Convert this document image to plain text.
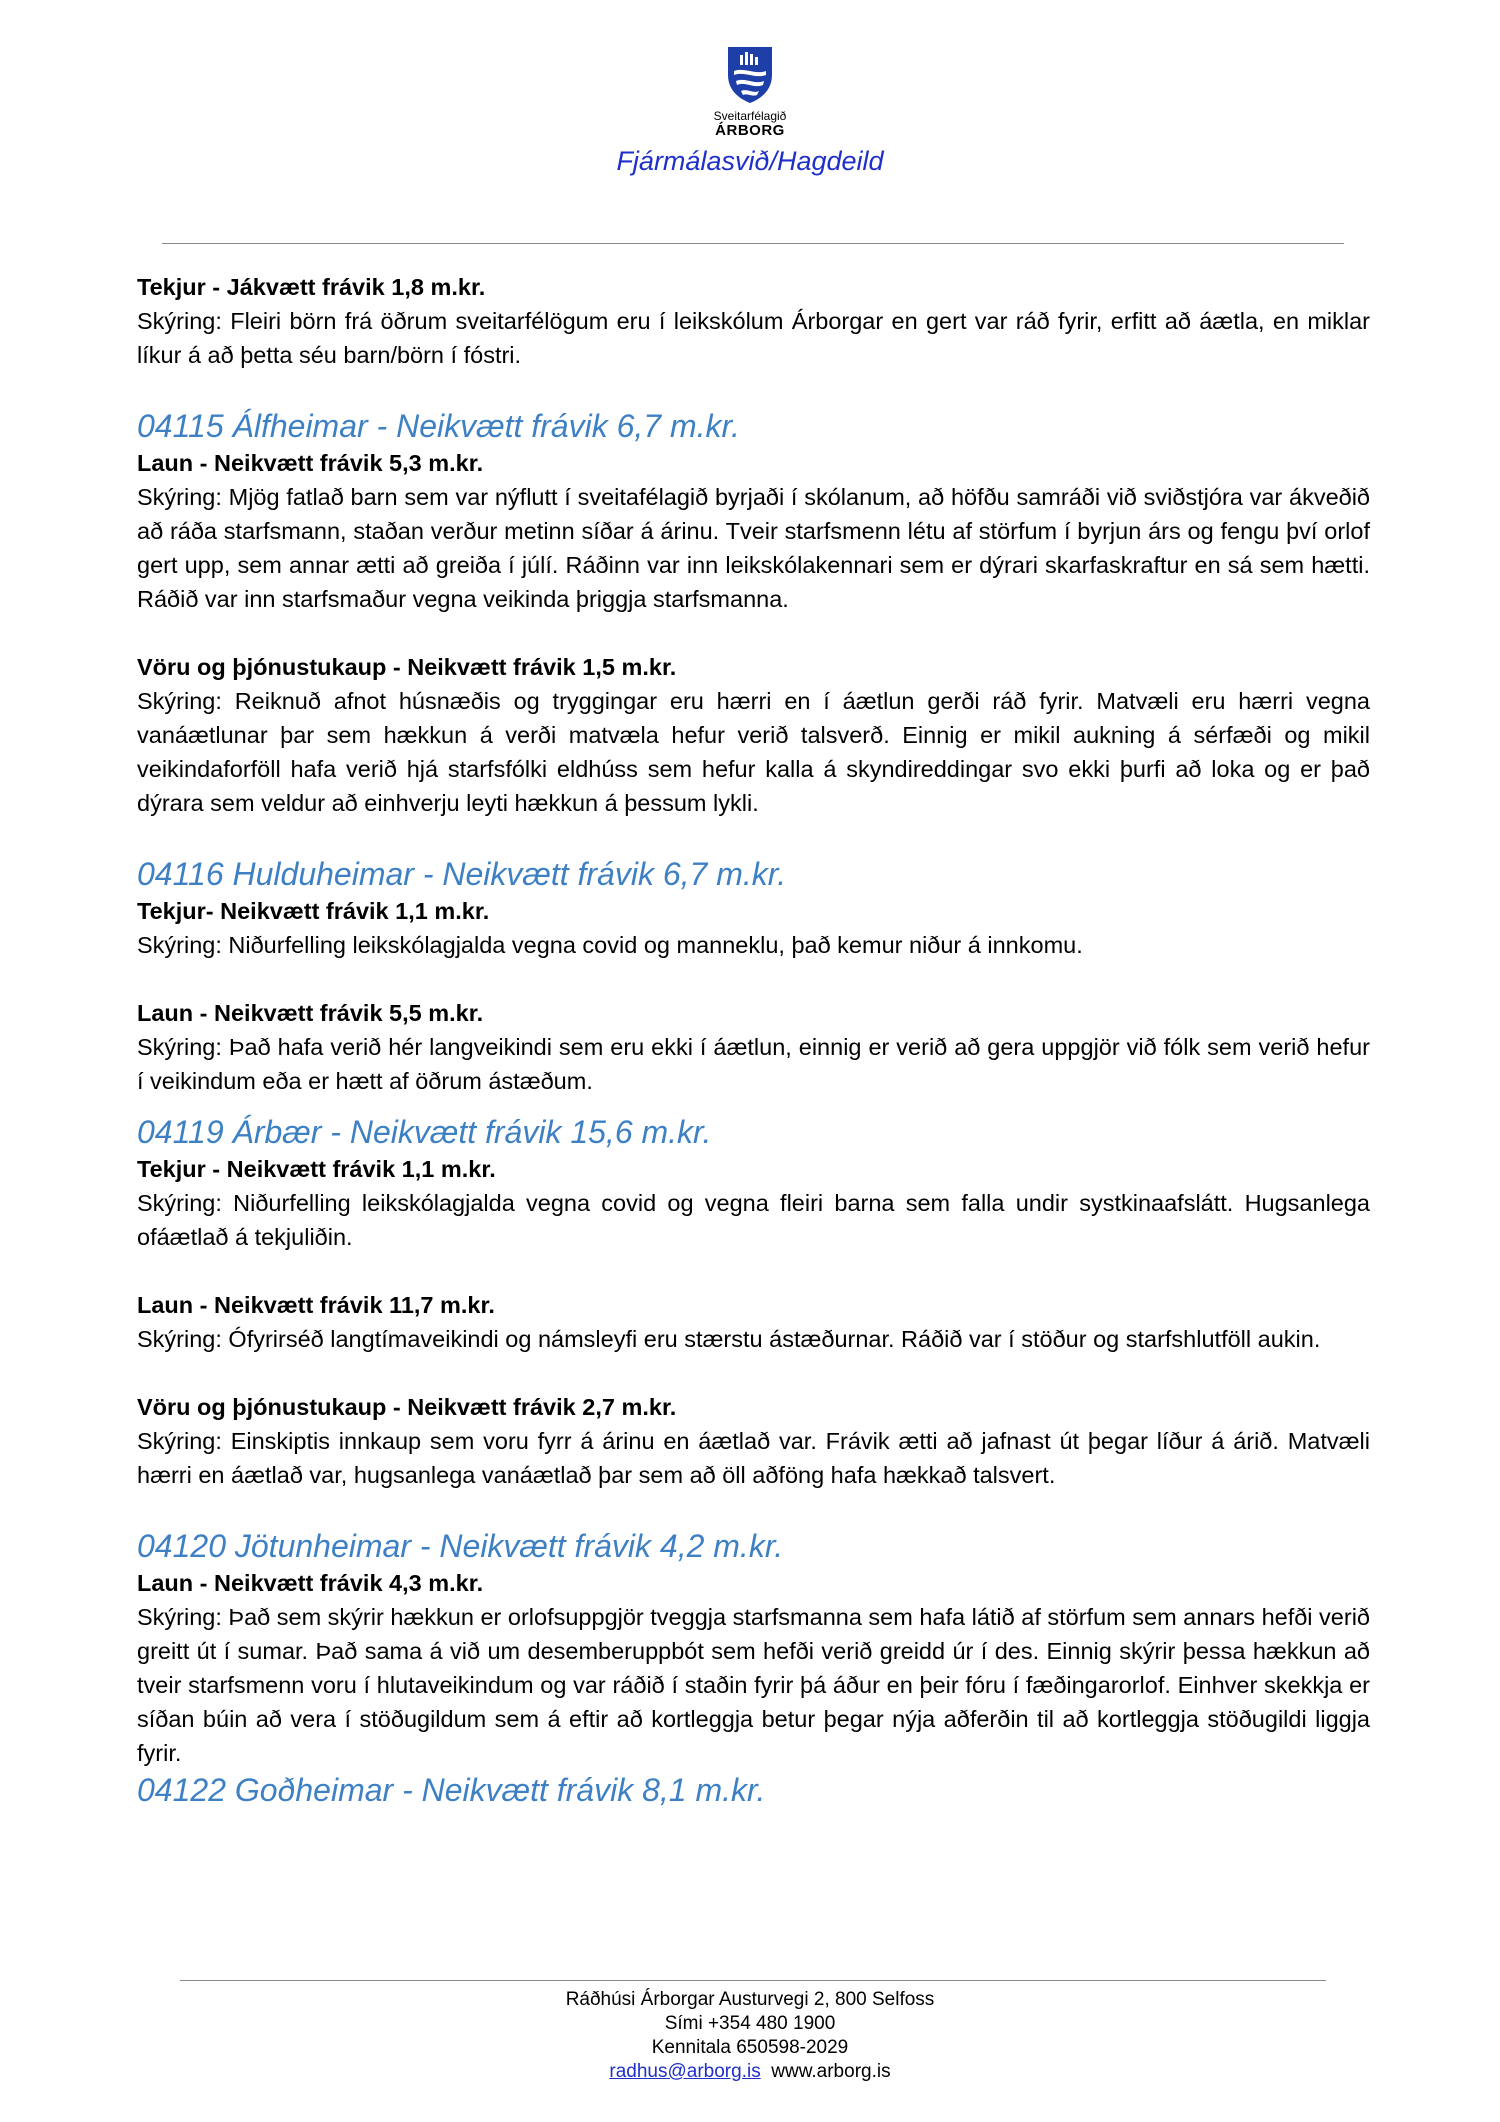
Sveitarfélagið
ÁRBORG
Fjármálasvið/Hagdeild

Tekjur - Jákvætt frávik 1,8 m.kr.

Skýring: Fleiri börn frá öðrum sveitarfélögum eru í leikskólum Árborgar en gert var ráð fyrir, erfitt að áætla, en miklar líkur á að þetta séu barn/börn í fóstri.

04115 Álfheimar - Neikvætt frávik 6,7 m.kr.

Laun - Neikvætt frávik 5,3 m.kr.

Skýring: Mjög fatlað barn sem var nýflutt í sveitafélagið byrjaði í skólanum, að höfðu samráði við sviðstjóra var ákveðið að ráða starfsmann, staðan verður metinn síðar á árinu. Tveir starfsmenn létu af störfum í byrjun árs og fengu því orlof gert upp, sem annar ætti að greiða í júlí. Ráðinn var inn leikskólakennari sem er dýrari skarfaskraftur en sá sem hætti. Ráðið var inn starfsmaður vegna veikinda þriggja starfsmanna.

Vöru og þjónustukaup - Neikvætt frávik 1,5 m.kr.

Skýring: Reiknuð afnot húsnæðis og tryggingar eru hærri en í áætlun gerði ráð fyrir. Matvæli eru hærri vegna vanáætlunar þar sem hækkun á verði matvæla hefur verið talsverð. Einnig er mikil aukning á sérfæði og mikil veikindaforföll hafa verið hjá starfsfólki eldhúss sem hefur kalla á skyndireddingar svo ekki þurfi að loka og er það dýrara sem veldur að einhverju leyti hækkun á þessum lykli.

04116 Hulduheimar - Neikvætt frávik 6,7 m.kr.

Tekjur- Neikvætt frávik 1,1 m.kr.

Skýring: Niðurfelling leikskólagjalda vegna covid og manneklu, það kemur niður á innkomu.

Laun - Neikvætt frávik 5,5 m.kr.

Skýring: Það hafa verið hér langveikindi sem eru ekki í áætlun, einnig er verið að gera uppgjör við fólk sem verið hefur í veikindum eða er hætt af öðrum ástæðum.

04119 Árbær - Neikvætt frávik 15,6 m.kr.

Tekjur - Neikvætt frávik 1,1 m.kr.

Skýring: Niðurfelling leikskólagjalda vegna covid og vegna fleiri barna sem falla undir systkinaafslátt. Hugsanlega ofáætlað á tekjuliðin.

Laun - Neikvætt frávik 11,7 m.kr.

Skýring: Ófyrirséð langtímaveikindi og námsleyfi eru stærstu ástæðurnar. Ráðið var í stöður og starfshlutföll aukin.

Vöru og þjónustukaup - Neikvætt frávik 2,7 m.kr.

Skýring: Einskiptis innkaup sem voru fyrr á árinu en áætlað var. Frávik ætti að jafnast út þegar líður á árið. Matvæli hærri en áætlað var, hugsanlega vanáætlað þar sem að öll aðföng hafa hækkað talsvert.

04120 Jötunheimar - Neikvætt frávik 4,2 m.kr.

Laun - Neikvætt frávik 4,3 m.kr.

Skýring: Það sem skýrir hækkun er orlofsuppgjör tveggja starfsmanna sem hafa látið af störfum sem annars hefði verið greitt út í sumar. Það sama á við um desemberuppbót sem hefði verið greidd úr í des. Einnig skýrir þessa hækkun að tveir starfsmenn voru í hlutaveikindum og var ráðið í staðin fyrir þá áður en þeir fóru í fæðingarorlof. Einhver skekkja er síðan búin að vera í stöðugildum sem á eftir að kortleggja betur þegar nýja aðferðin til að kortleggja stöðugildi liggja fyrir.

04122 Goðheimar - Neikvætt frávik 8,1 m.kr.

Ráðhúsi Árborgar Austurvegi 2, 800 Selfoss
Sími +354 480 1900
Kennitala 650598-2029
radhus@arborg.is www.arborg.is
